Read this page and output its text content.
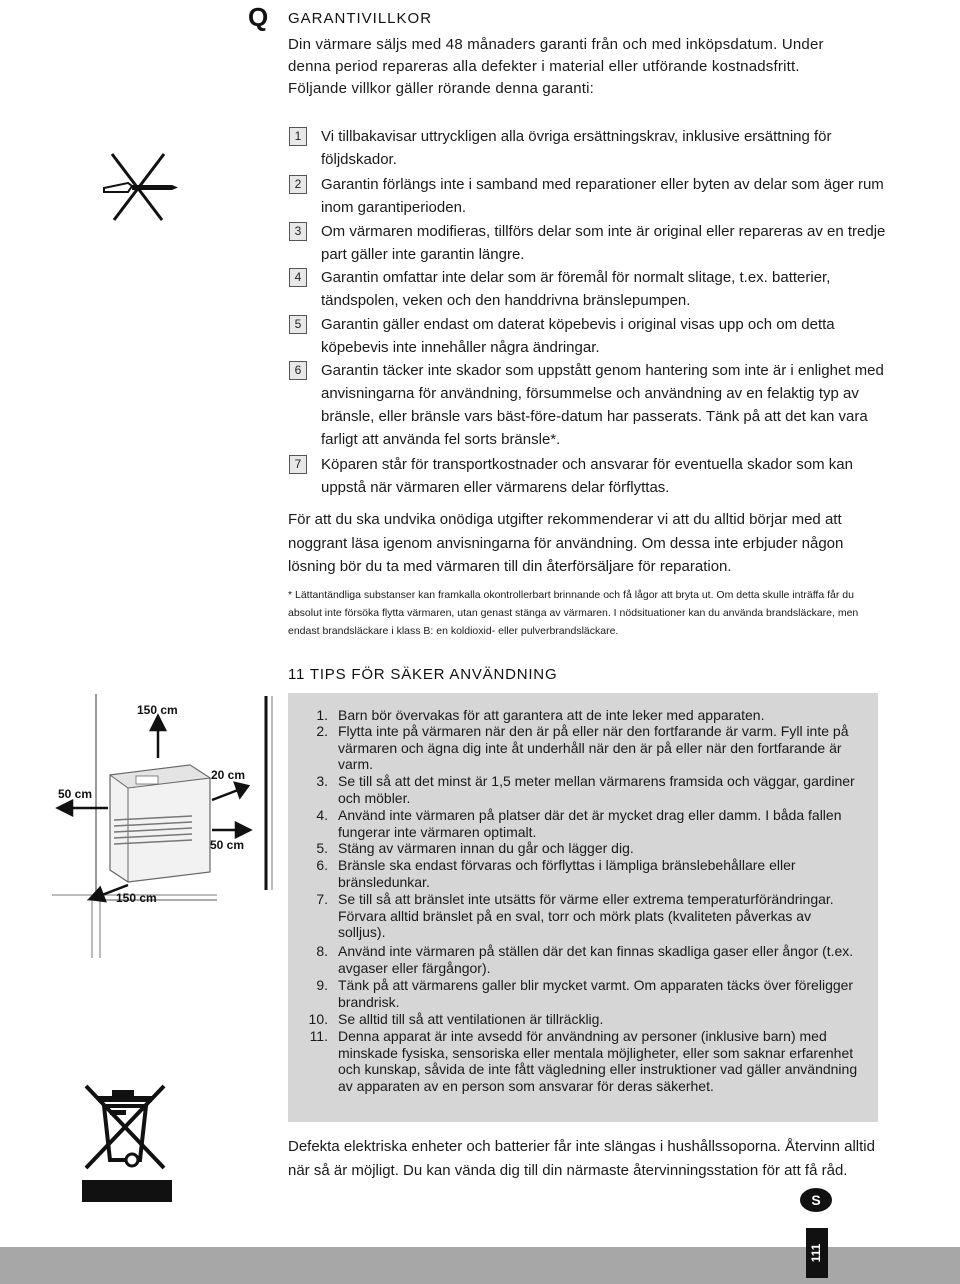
Q GARANTIVILLKOR
Din värmare säljs med 48 månaders garanti från och med inköpsdatum. Under
denna period repareras alla defekter i material eller utförande kostnadsfritt.
Följande villkor gäller rörande denna garanti:
1	Vi tillbakavisar uttryckligen alla övriga ersättningskrav, inklusive ersättning för följdskador.
2	Garantin förlängs inte i samband med reparationer eller byten av delar som äger rum inom garantiperioden.
3	Om värmaren modifieras, tillförs delar som inte är original eller repareras av en tredje part gäller inte garantin längre.
4	Garantin omfattar inte delar som är föremål för normalt slitage, t.ex. batterier, tändspolen, veken och den handdrivna bränslepumpen.
5	Garantin gäller endast om daterat köpebevis i original visas upp och om detta köpebevis inte innehåller några ändringar.
6	Garantin täcker inte skador som uppstått genom hantering som inte är i enlighet med anvisningarna för användning, försummelse och användning av en felaktig typ av bränsle, eller bränsle vars bäst-före-datum har passerats. Tänk på att det kan vara farligt att använda fel sorts bränsle*.
7	Köparen står för transportkostnader och ansvarar för eventuella skador som kan uppstå när värmaren eller värmarens delar förflyttas.
För att du ska undvika onödiga utgifter rekommenderar vi att du alltid börjar med att noggrant läsa igenom anvisningarna för användning. Om dessa inte erbjuder någon lösning bör du ta med värmaren till din återförsäljare för reparation.
* Lättantändliga substanser kan framkalla okontrollerbart brinnande och få lågor att bryta ut. Om detta skulle inträffa får du absolut inte försöka flytta värmaren, utan genast stänga av värmaren. I nödsituationer kan du använda brandsläckare, men endast brandsläckare i klass B: en koldioxid- eller pulverbrandsläckare.
11 TIPS FÖR SÄKER ANVÄNDNING
150 cm
20 cm
50 cm
50 cm
150 cm
1. Barn bör övervakas för att garantera att de inte leker med apparaten.
2. Flytta inte på värmaren när den är på eller när den fortfarande är varm. Fyll inte på värmaren och ägna dig inte åt underhåll när den är på eller när den fortfarande är varm.
3. Se till så att det minst är 1,5 meter mellan värmarens framsida och väggar, gardiner och möbler.
4. Använd inte värmaren på platser där det är mycket drag eller damm. I båda fallen fungerar inte värmaren optimalt.
5. Stäng av värmaren innan du går och lägger dig.
6. Bränsle ska endast förvaras och förflyttas i lämpliga bränslebehållare eller bränsledunkar.
7. Se till så att bränslet inte utsätts för värme eller extrema temperaturförändringar. Förvara alltid bränslet på en sval, torr och mörk plats (kvaliteten påverkas av solljus).
8. Använd inte värmaren på ställen där det kan finnas skadliga gaser eller ångor (t.ex. avgaser eller färgångor).
9. Tänk på att värmarens galler blir mycket varmt. Om apparaten täcks över föreligger brandrisk.
10. Se alltid till så att ventilationen är tillräcklig.
11. Denna apparat är inte avsedd för användning av personer (inklusive barn) med minskade fysiska, sensoriska eller mentala möjligheter, eller som saknar erfarenhet och kunskap, såvida de inte fått vägledning eller instruktioner vad gäller användning av apparaten av en person som ansvarar för deras säkerhet.
Defekta elektriska enheter och batterier får inte slängas i hushållssoporna. Återvinn alltid när så är möjligt. Du kan vända dig till din närmaste återvinningsstation för att få råd.
S
111
